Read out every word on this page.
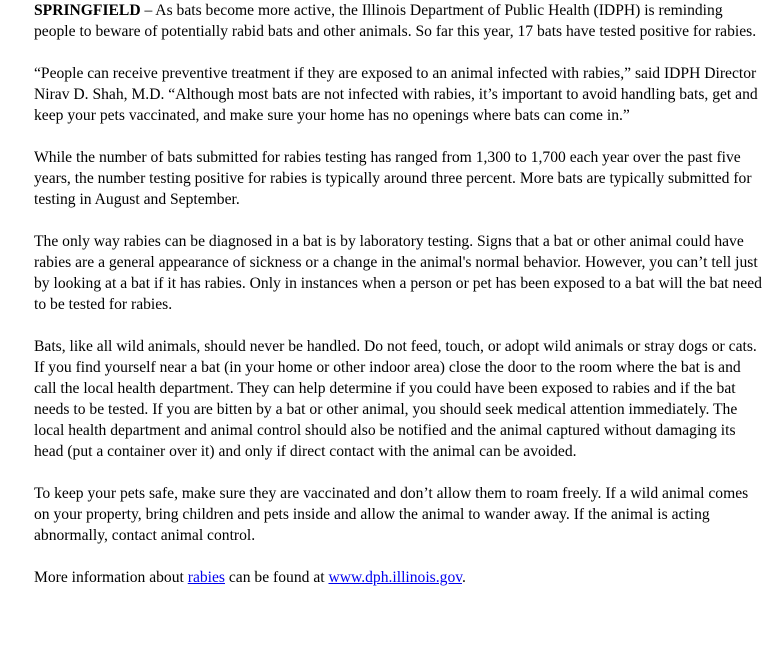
SPRINGFIELD – As bats become more active, the Illinois Department of Public Health (IDPH) is reminding people to beware of potentially rabid bats and other animals. So far this year, 17 bats have tested positive for rabies.

“People can receive preventive treatment if they are exposed to an animal infected with rabies,” said IDPH Director Nirav D. Shah, M.D. “Although most bats are not infected with rabies, it’s important to avoid handling bats, get and keep your pets vaccinated, and make sure your home has no openings where bats can come in.”

While the number of bats submitted for rabies testing has ranged from 1,300 to 1,700 each year over the past five years, the number testing positive for rabies is typically around three percent. More bats are typically submitted for testing in August and September.

The only way rabies can be diagnosed in a bat is by laboratory testing. Signs that a bat or other animal could have rabies are a general appearance of sickness or a change in the animal's normal behavior. However, you can’t tell just by looking at a bat if it has rabies. Only in instances when a person or pet has been exposed to a bat will the bat need to be tested for rabies.

Bats, like all wild animals, should never be handled. Do not feed, touch, or adopt wild animals or stray dogs or cats. If you find yourself near a bat (in your home or other indoor area) close the door to the room where the bat is and call the local health department. They can help determine if you could have been exposed to rabies and if the bat needs to be tested. If you are bitten by a bat or other animal, you should seek medical attention immediately. The local health department and animal control should also be notified and the animal captured without damaging its head (put a container over it) and only if direct contact with the animal can be avoided.

To keep your pets safe, make sure they are vaccinated and don’t allow them to roam freely. If a wild animal comes on your property, bring children and pets inside and allow the animal to wander away. If the animal is acting abnormally, contact animal control.

More information about rabies can be found at www.dph.illinois.gov.
